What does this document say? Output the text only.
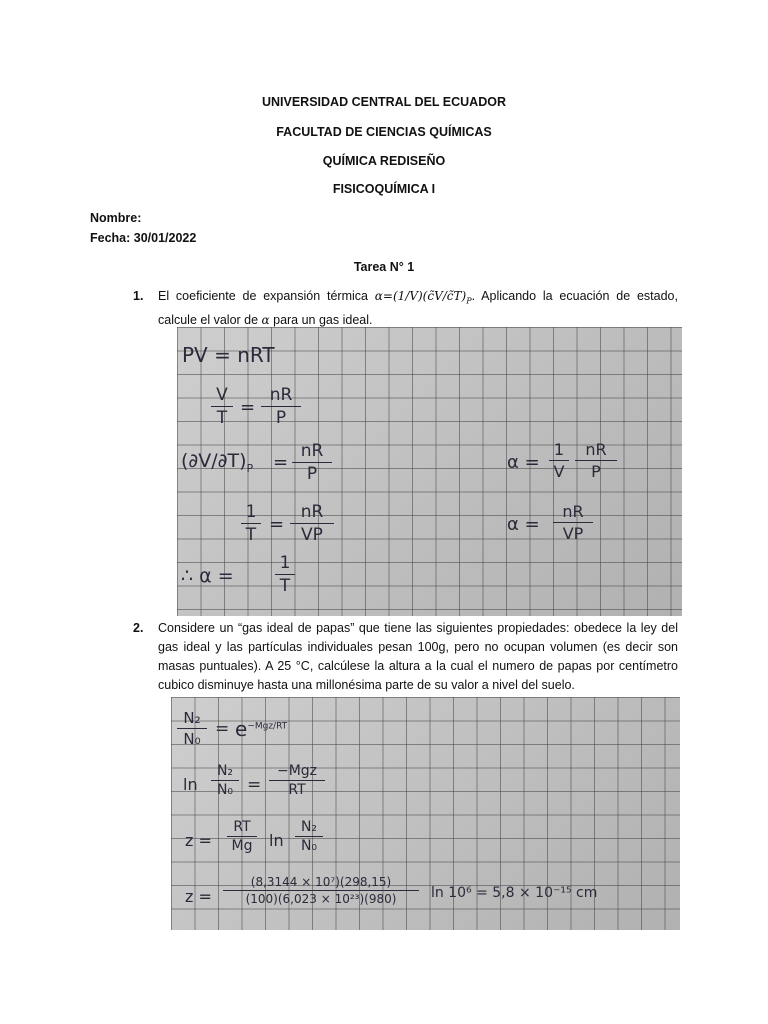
UNIVERSIDAD CENTRAL DEL ECUADOR
FACULTAD DE CIENCIAS QUÍMICAS
QUÍMICA REDISEÑO
FISICOQUÍMICA I
Nombre:
Fecha: 30/01/2022
Tarea N° 1
1. El coeficiente de expansión térmica $\alpha=(1/V)(c̃V/c̃T)_P$. Aplicando la ecuación de estado, calcule el valor de α para un gas ideal.
PV = nRT
V
T =
nR
P
$(\partial V/\partial T)_P$ =
nR
P
1
T =
nR
VP
∴ α =
1
T
α =
1
V
nR
P
α =
nR
VP
2. Considere un “gas ideal de papas” que tiene las siguientes propiedades: obedece la ley del gas ideal y las partículas individuales pesan 100g, pero no ocupan volumen (es decir son masas puntuales). A 25 °C, calcúlese la altura a la cual el numero de papas por centímetro cubico disminuye hasta una millonésima parte de su valor a nivel del suelo.
N₂
$N_0 = e^{-Mgz/RT}$
ln
N₂
N₀ =
−Mgz
RT
z =
RT
Mg ln
N₂
N₀
z =
(8,3144 × 10⁷)(298,15)
(100)(6,023 × 10²³)(980)	ln 10⁶ = 5,8 × 10⁻¹⁵ cm
